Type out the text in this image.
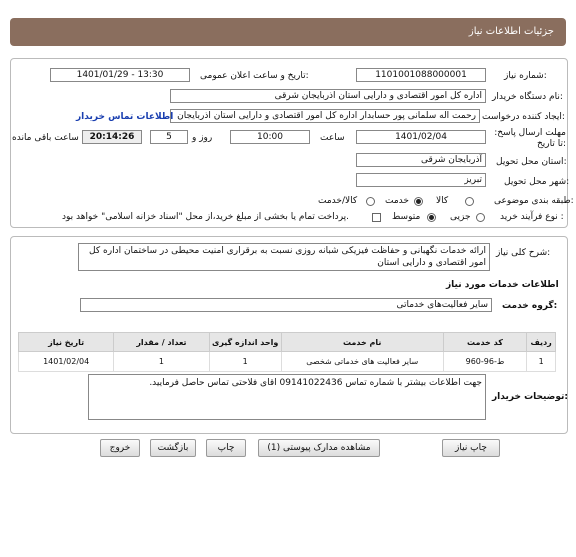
جزئیات اطلاعات نیاز
شماره نیاز:
1101001088000001
تاریخ و ساعت اعلان عمومی:
1401/01/29 - 13:30
نام دستگاه خریدار:
اداره کل امور اقتصادی و دارایی استان اذربایجان شرقی
ایجاد کننده درخواست:
رحمت اله سلمانی پور حسابدار اداره کل امور اقتصادی و دارایی استان اذربایجان
اطلاعات تماس خریدار
مهلت ارسال پاسخ: تا تاریخ:
1401/02/04
ساعت
10:00
روز و
5
20:14:26
ساعت باقی مانده
استان محل تحویل:
آذربایجان شرقی
شهر محل تحویل:
تبریز
طبقه بندی موضوعی:
کالا
خدمت
کالا/خدمت
نوع فرآیند خرید :
جزیی
متوسط
پرداخت تمام یا بخشی از مبلغ خرید،از محل "اسناد خزانه اسلامی" خواهد بود.
شرح کلی نیاز:
ارائه خدمات نگهبانی و حفاظت فیزیکی شبانه روزی نسبت به برقراری امنیت محیطی در ساختمان اداره کل امور اقتصادی و دارایی استان
اطلاعات خدمات مورد نیاز
گروه خدمت:
سایر فعالیت‌های خدماتی
ردیف	کد خدمت	نام خدمت	واحد اندازه گیری	تعداد / مقدار	تاریخ نیاز
1	ط-96-960	سایر فعالیت های خدماتی شخصی	1	1	1401/02/04
توضیحات خریدار:
جهت اطلاعات بیشتر با شماره تماس 09141022436 اقای فلاحتی تماس حاصل فرمایید.
چاپ نیاز
مشاهده مدارک پیوستی (1)
چاپ
بازگشت
خروج
